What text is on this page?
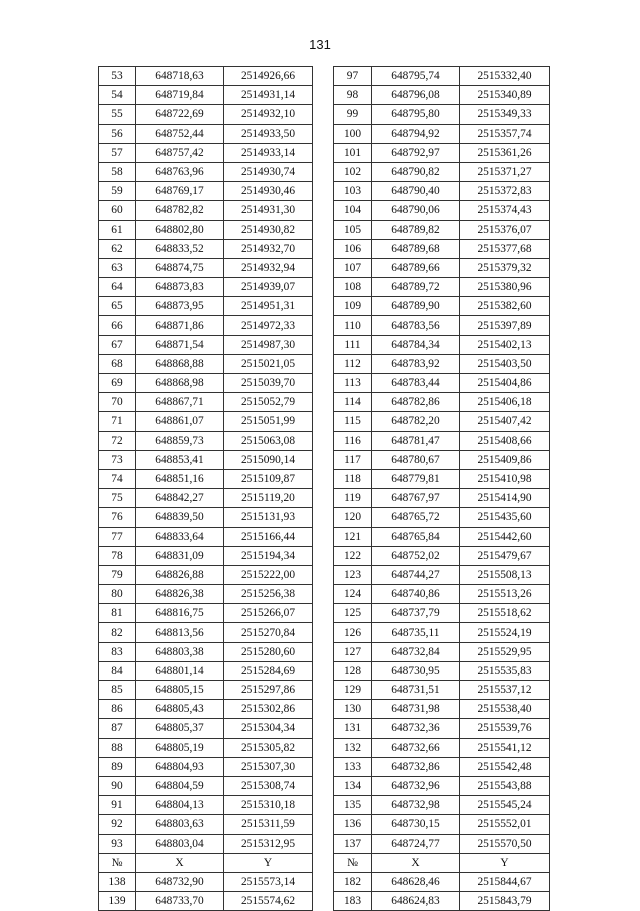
131
53	648718,63	2514926,66
54	648719,84	2514931,14
55	648722,69	2514932,10
56	648752,44	2514933,50
57	648757,42	2514933,14
58	648763,96	2514930,74
59	648769,17	2514930,46
60	648782,82	2514931,30
61	648802,80	2514930,82
62	648833,52	2514932,70
63	648874,75	2514932,94
64	648873,83	2514939,07
65	648873,95	2514951,31
66	648871,86	2514972,33
67	648871,54	2514987,30
68	648868,88	2515021,05
69	648868,98	2515039,70
70	648867,71	2515052,79
71	648861,07	2515051,99
72	648859,73	2515063,08
73	648853,41	2515090,14
74	648851,16	2515109,87
75	648842,27	2515119,20
76	648839,50	2515131,93
77	648833,64	2515166,44
78	648831,09	2515194,34
79	648826,88	2515222,00
80	648826,38	2515256,38
81	648816,75	2515266,07
82	648813,56	2515270,84
83	648803,38	2515280,60
84	648801,14	2515284,69
85	648805,15	2515297,86
86	648805,43	2515302,86
87	648805,37	2515304,34
88	648805,19	2515305,82
89	648804,93	2515307,30
90	648804,59	2515308,74
91	648804,13	2515310,18
92	648803,63	2515311,59
93	648803,04	2515312,95
№	X	Y
138	648732,90	2515573,14
139	648733,70	2515574,62
97	648795,74	2515332,40
98	648796,08	2515340,89
99	648795,80	2515349,33
100	648794,92	2515357,74
101	648792,97	2515361,26
102	648790,82	2515371,27
103	648790,40	2515372,83
104	648790,06	2515374,43
105	648789,82	2515376,07
106	648789,68	2515377,68
107	648789,66	2515379,32
108	648789,72	2515380,96
109	648789,90	2515382,60
110	648783,56	2515397,89
111	648784,34	2515402,13
112	648783,92	2515403,50
113	648783,44	2515404,86
114	648782,86	2515406,18
115	648782,20	2515407,42
116	648781,47	2515408,66
117	648780,67	2515409,86
118	648779,81	2515410,98
119	648767,97	2515414,90
120	648765,72	2515435,60
121	648765,84	2515442,60
122	648752,02	2515479,67
123	648744,27	2515508,13
124	648740,86	2515513,26
125	648737,79	2515518,62
126	648735,11	2515524,19
127	648732,84	2515529,95
128	648730,95	2515535,83
129	648731,51	2515537,12
130	648731,98	2515538,40
131	648732,36	2515539,76
132	648732,66	2515541,12
133	648732,86	2515542,48
134	648732,96	2515543,88
135	648732,98	2515545,24
136	648730,15	2515552,01
137	648724,77	2515570,50
№	X	Y
182	648628,46	2515844,67
183	648624,83	2515843,79
